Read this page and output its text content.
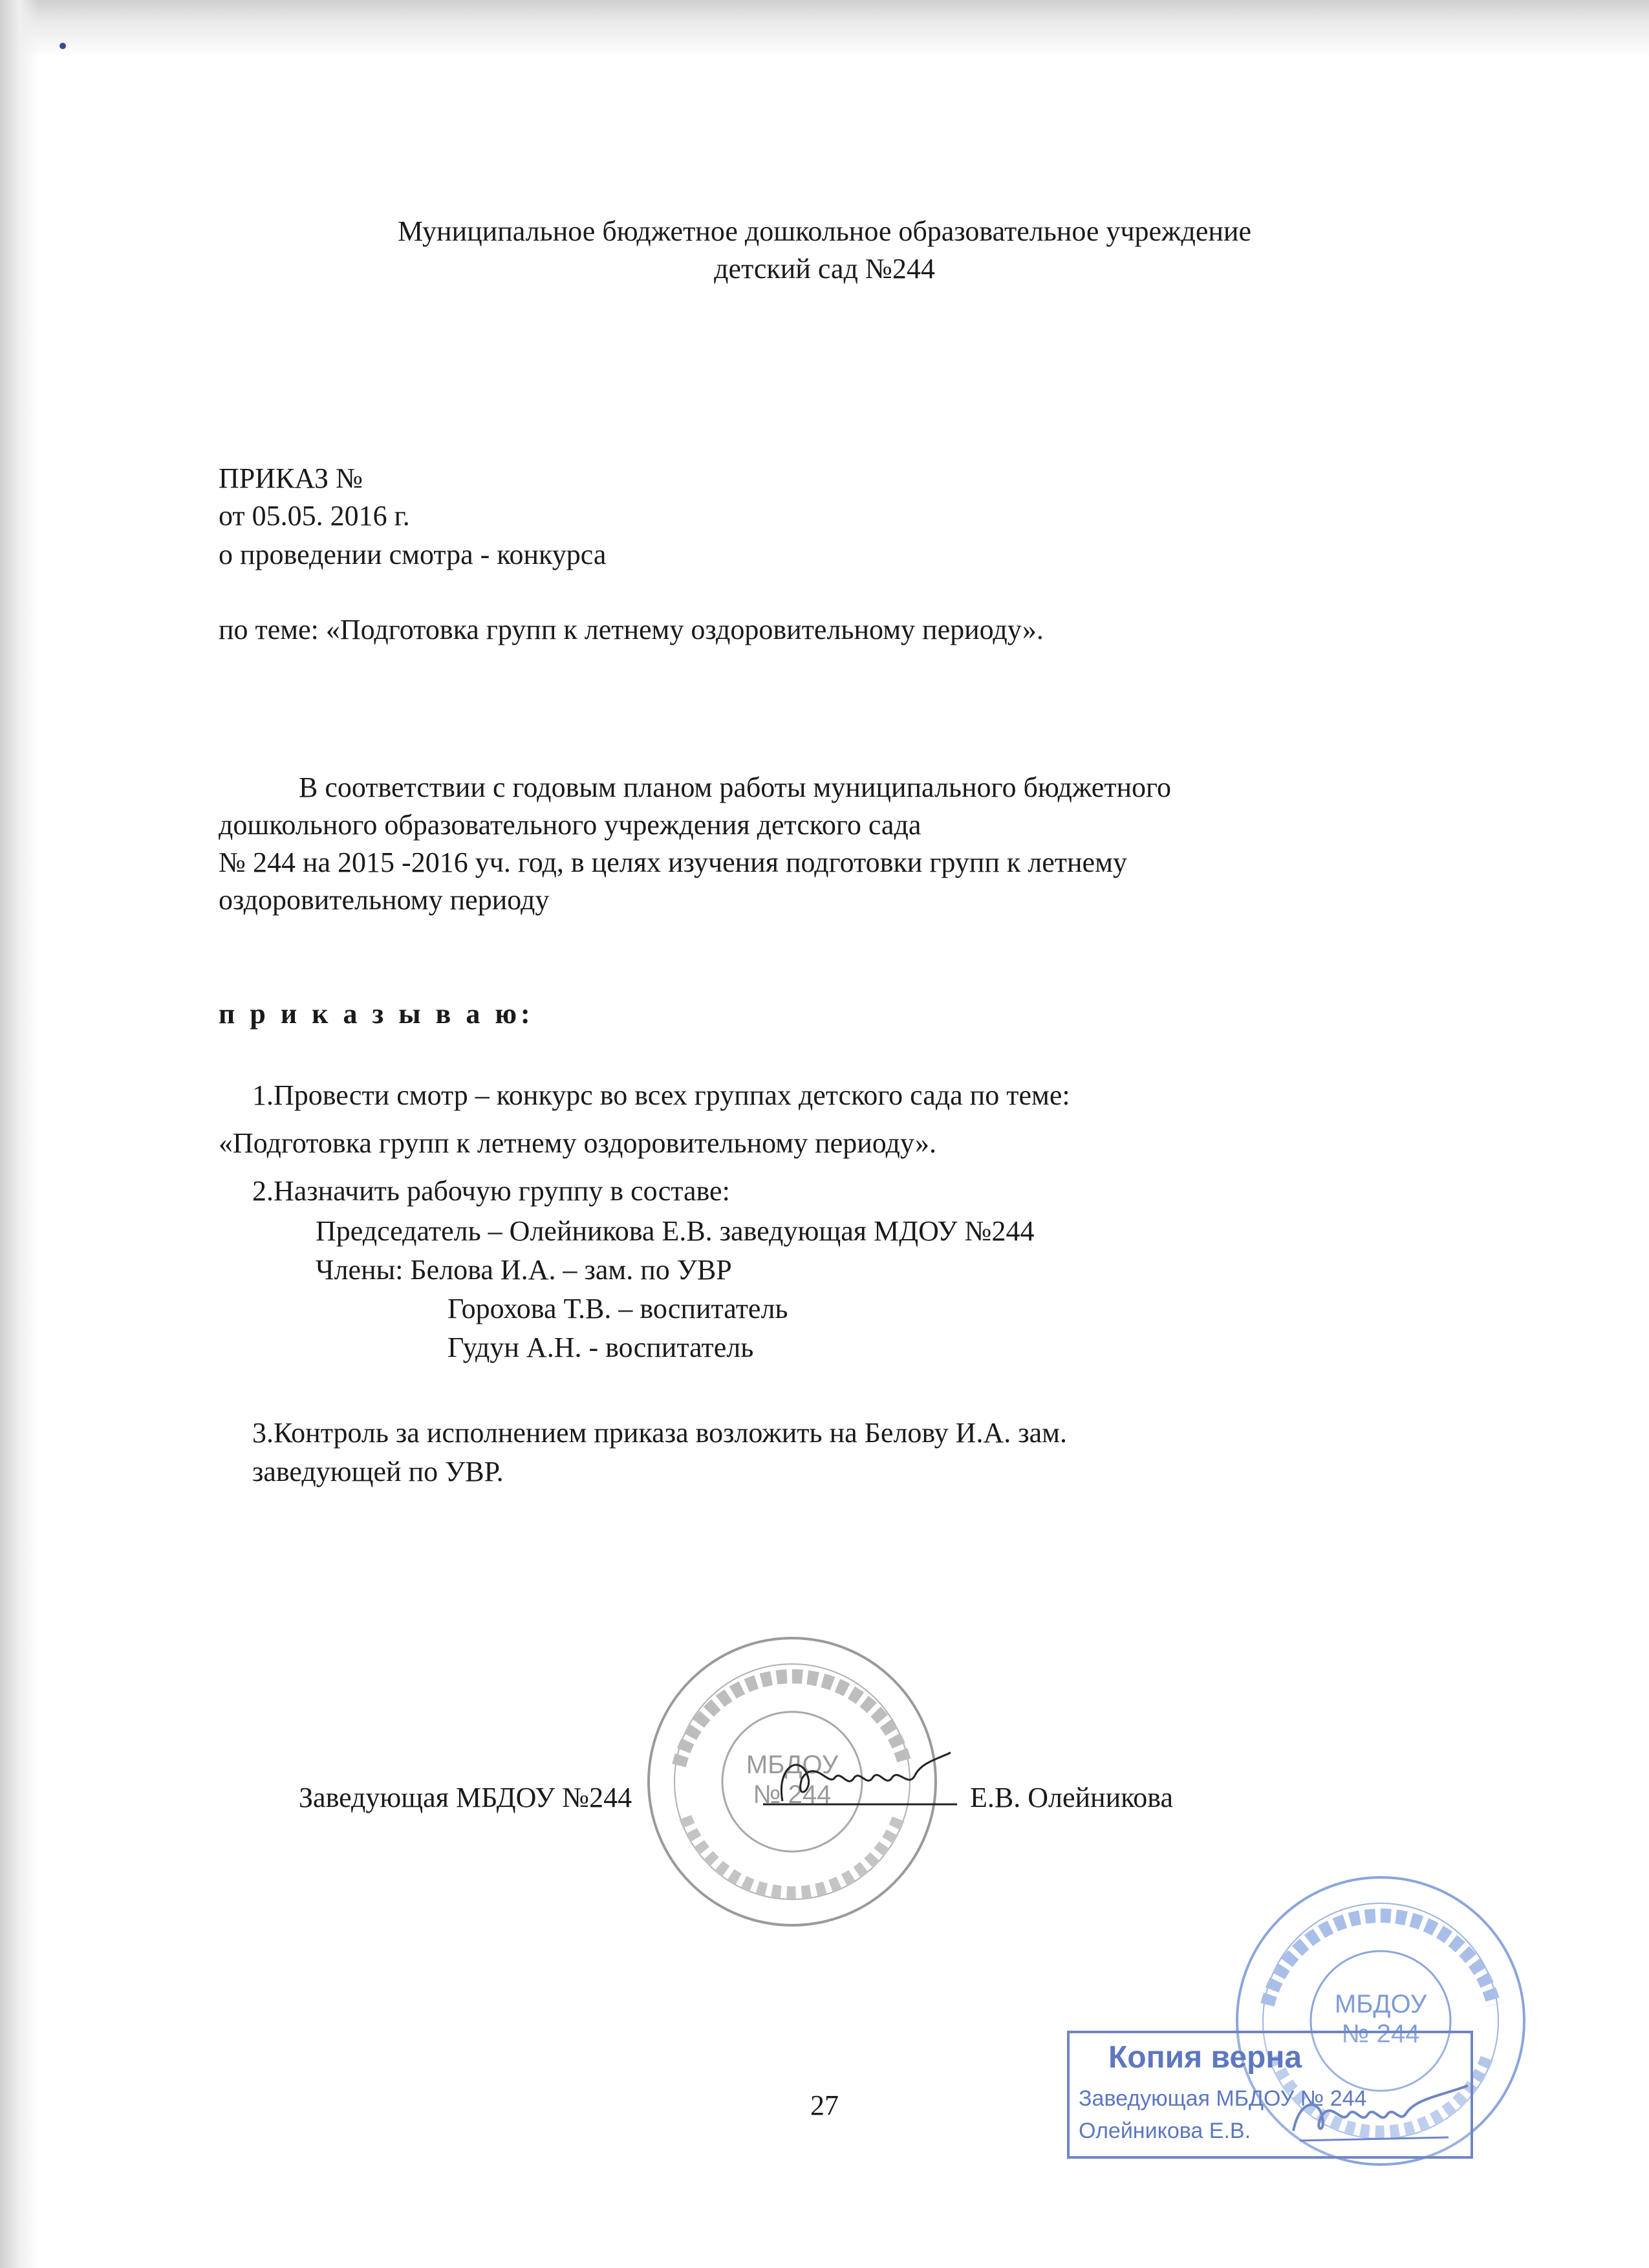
Муниципальное бюджетное дошкольное образовательное учреждение
детский сад №244
ПРИКАЗ №
от 05.05. 2016 г.
о проведении смотра - конкурса
по теме: «Подготовка групп к летнему оздоровительному периоду».
В соответствии с годовым планом работы муниципального бюджетного
дошкольного образовательного учреждения детского сада
№ 244 на 2015 -2016 уч. год, в целях изучения подготовки групп к летнему
оздоровительному периоду
п р и к а з ы в а ю:
1.Провести смотр – конкурс во всех группах детского сада по теме:
«Подготовка групп к летнему оздоровительному периоду».
2.Назначить рабочую группу в составе:
Председатель – Олейникова Е.В. заведующая МДОУ №244
Члены: Белова И.А. – зам. по УВР
Горохова Т.В. – воспитатель
Гудун А.Н. - воспитатель
3.Контроль за исполнением приказа возложить на Белову И.А. зам.
заведующей по УВР.
МБДОУ
№ 244
Заведующая МБДОУ №244	Е.В. Олейникова
МБДОУ
№ 244
Копия верна
Заведующая МБДОУ № 244
Олейникова Е.В.
27
